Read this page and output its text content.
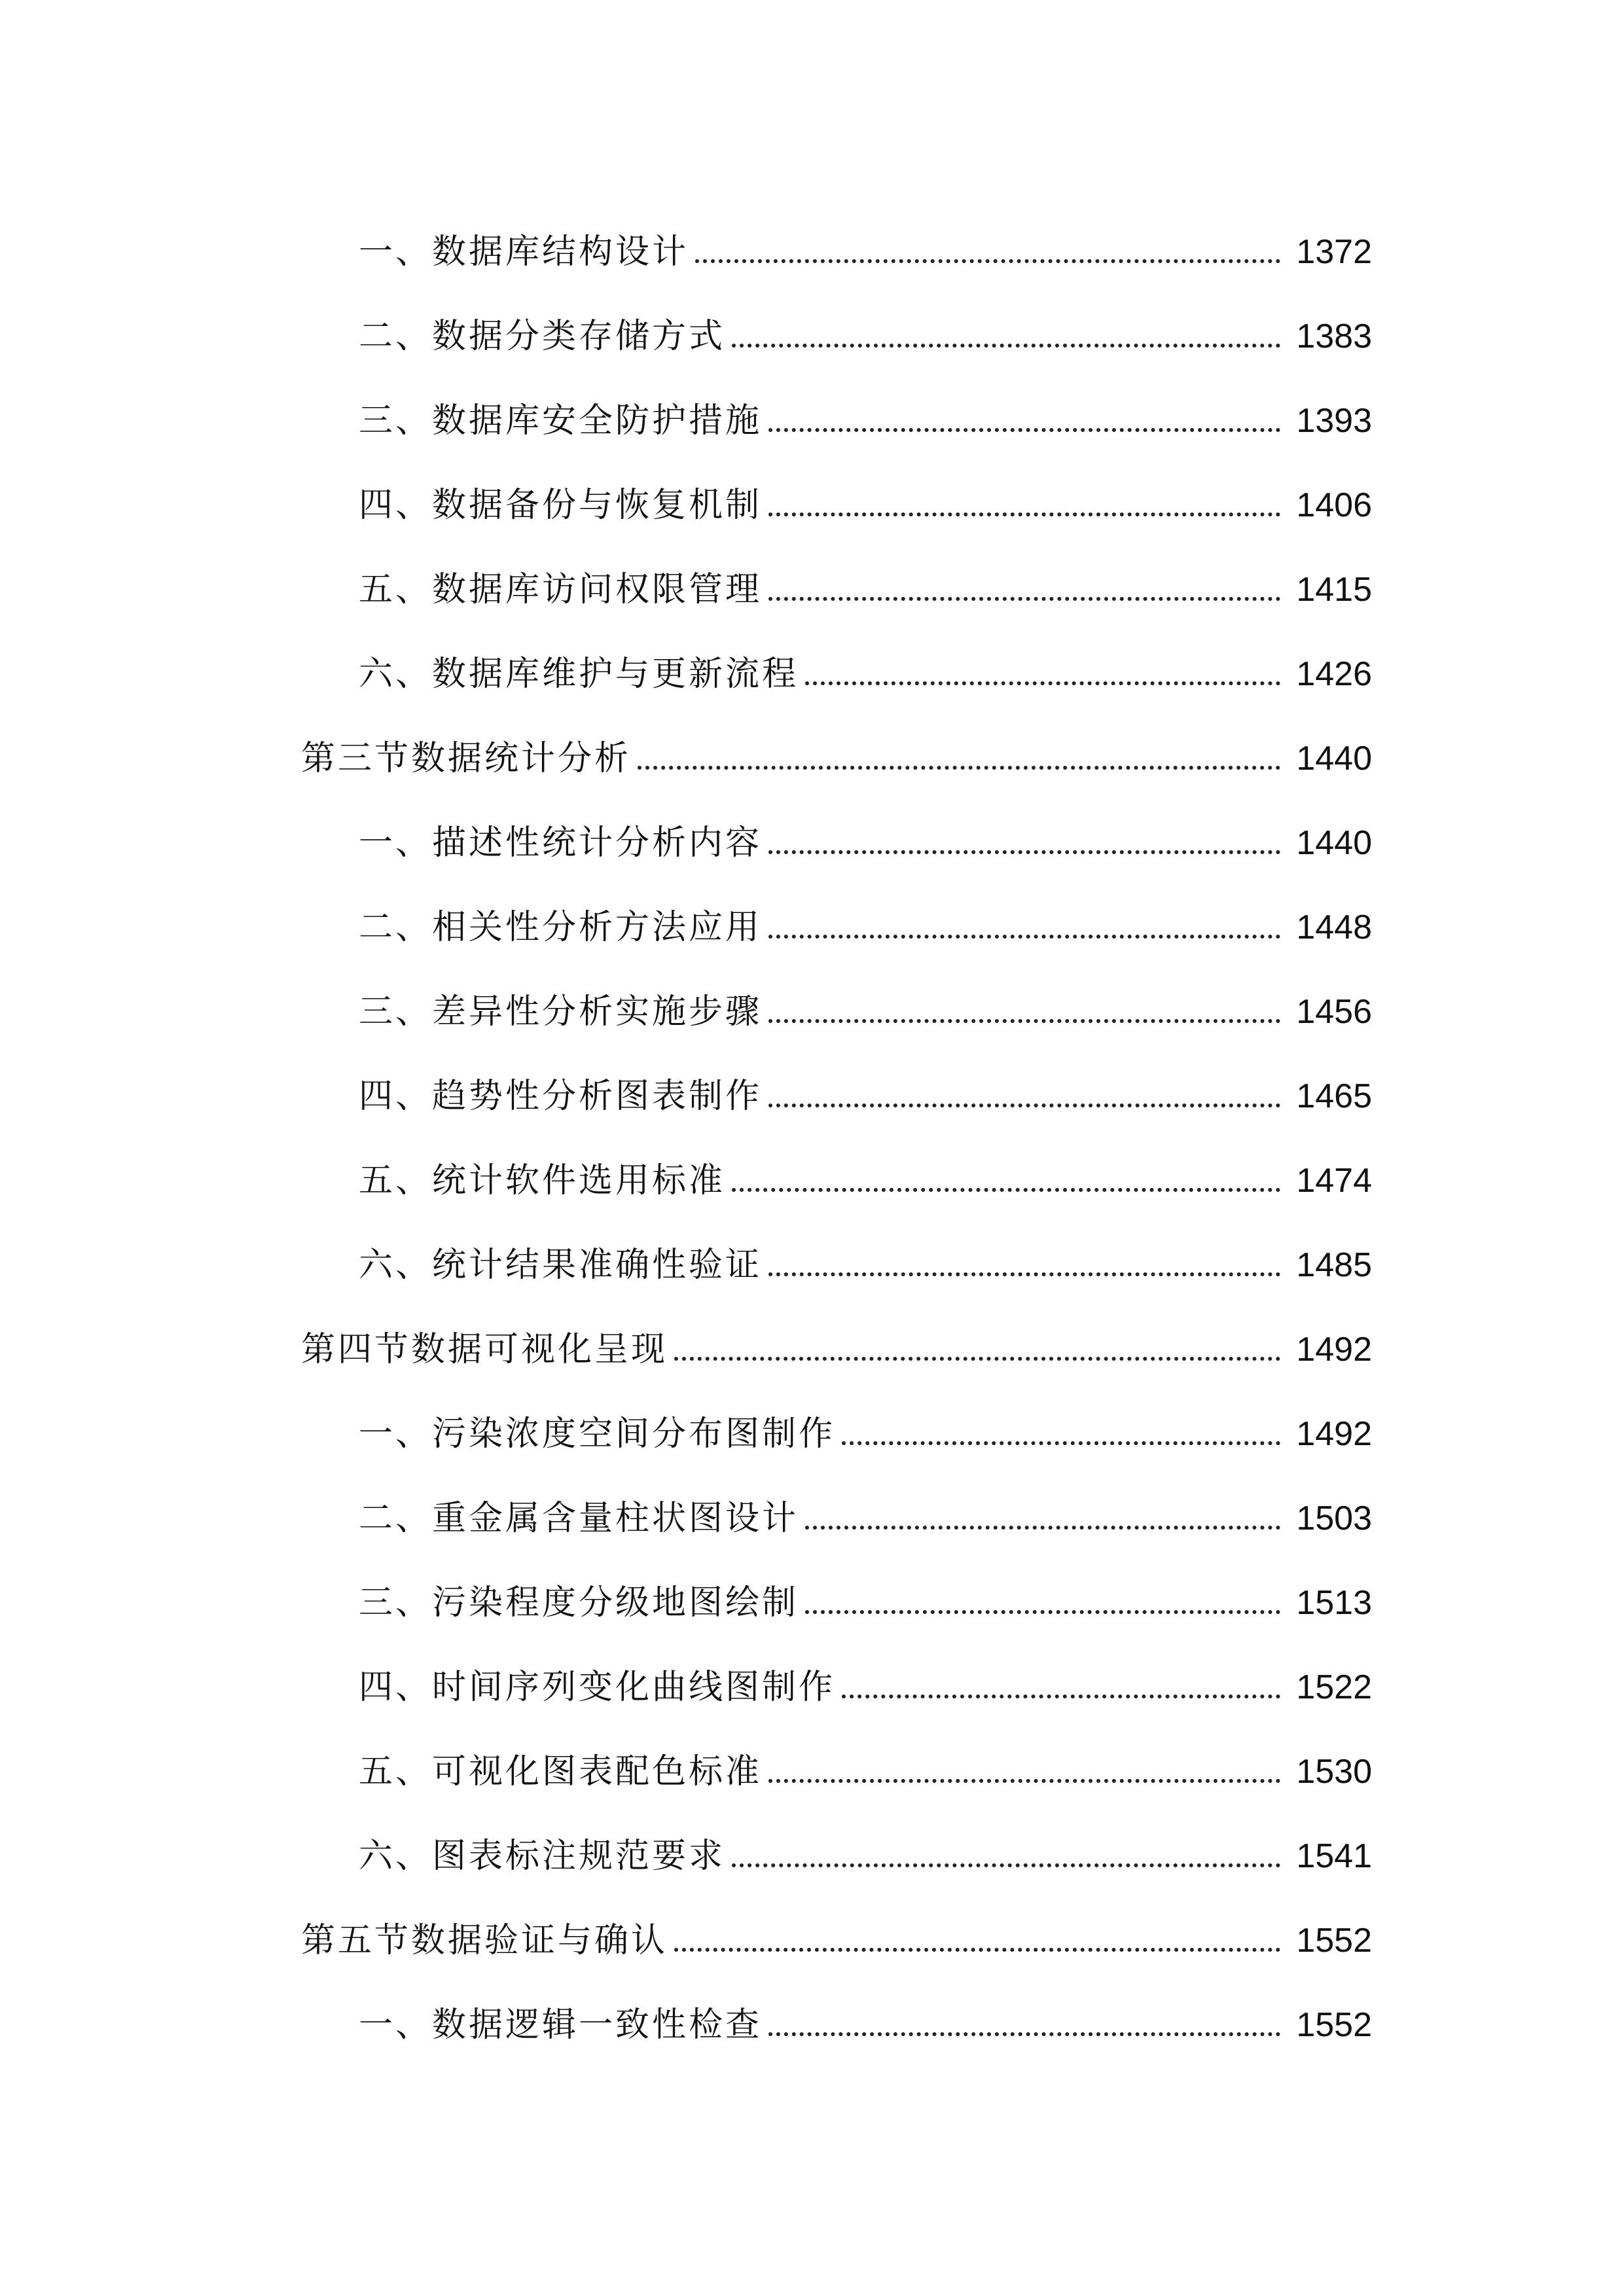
一、数据库结构设计	1372
二、数据分类存储方式	1383
三、数据库安全防护措施	1393
四、数据备份与恢复机制	1406
五、数据库访问权限管理	1415
六、数据库维护与更新流程	1426
第三节数据统计分析	1440
一、描述性统计分析内容	1440
二、相关性分析方法应用	1448
三、差异性分析实施步骤	1456
四、趋势性分析图表制作	1465
五、统计软件选用标准	1474
六、统计结果准确性验证	1485
第四节数据可视化呈现	1492
一、污染浓度空间分布图制作	1492
二、重金属含量柱状图设计	1503
三、污染程度分级地图绘制	1513
四、时间序列变化曲线图制作	1522
五、可视化图表配色标准	1530
六、图表标注规范要求	1541
第五节数据验证与确认	1552
一、数据逻辑一致性检查	1552
